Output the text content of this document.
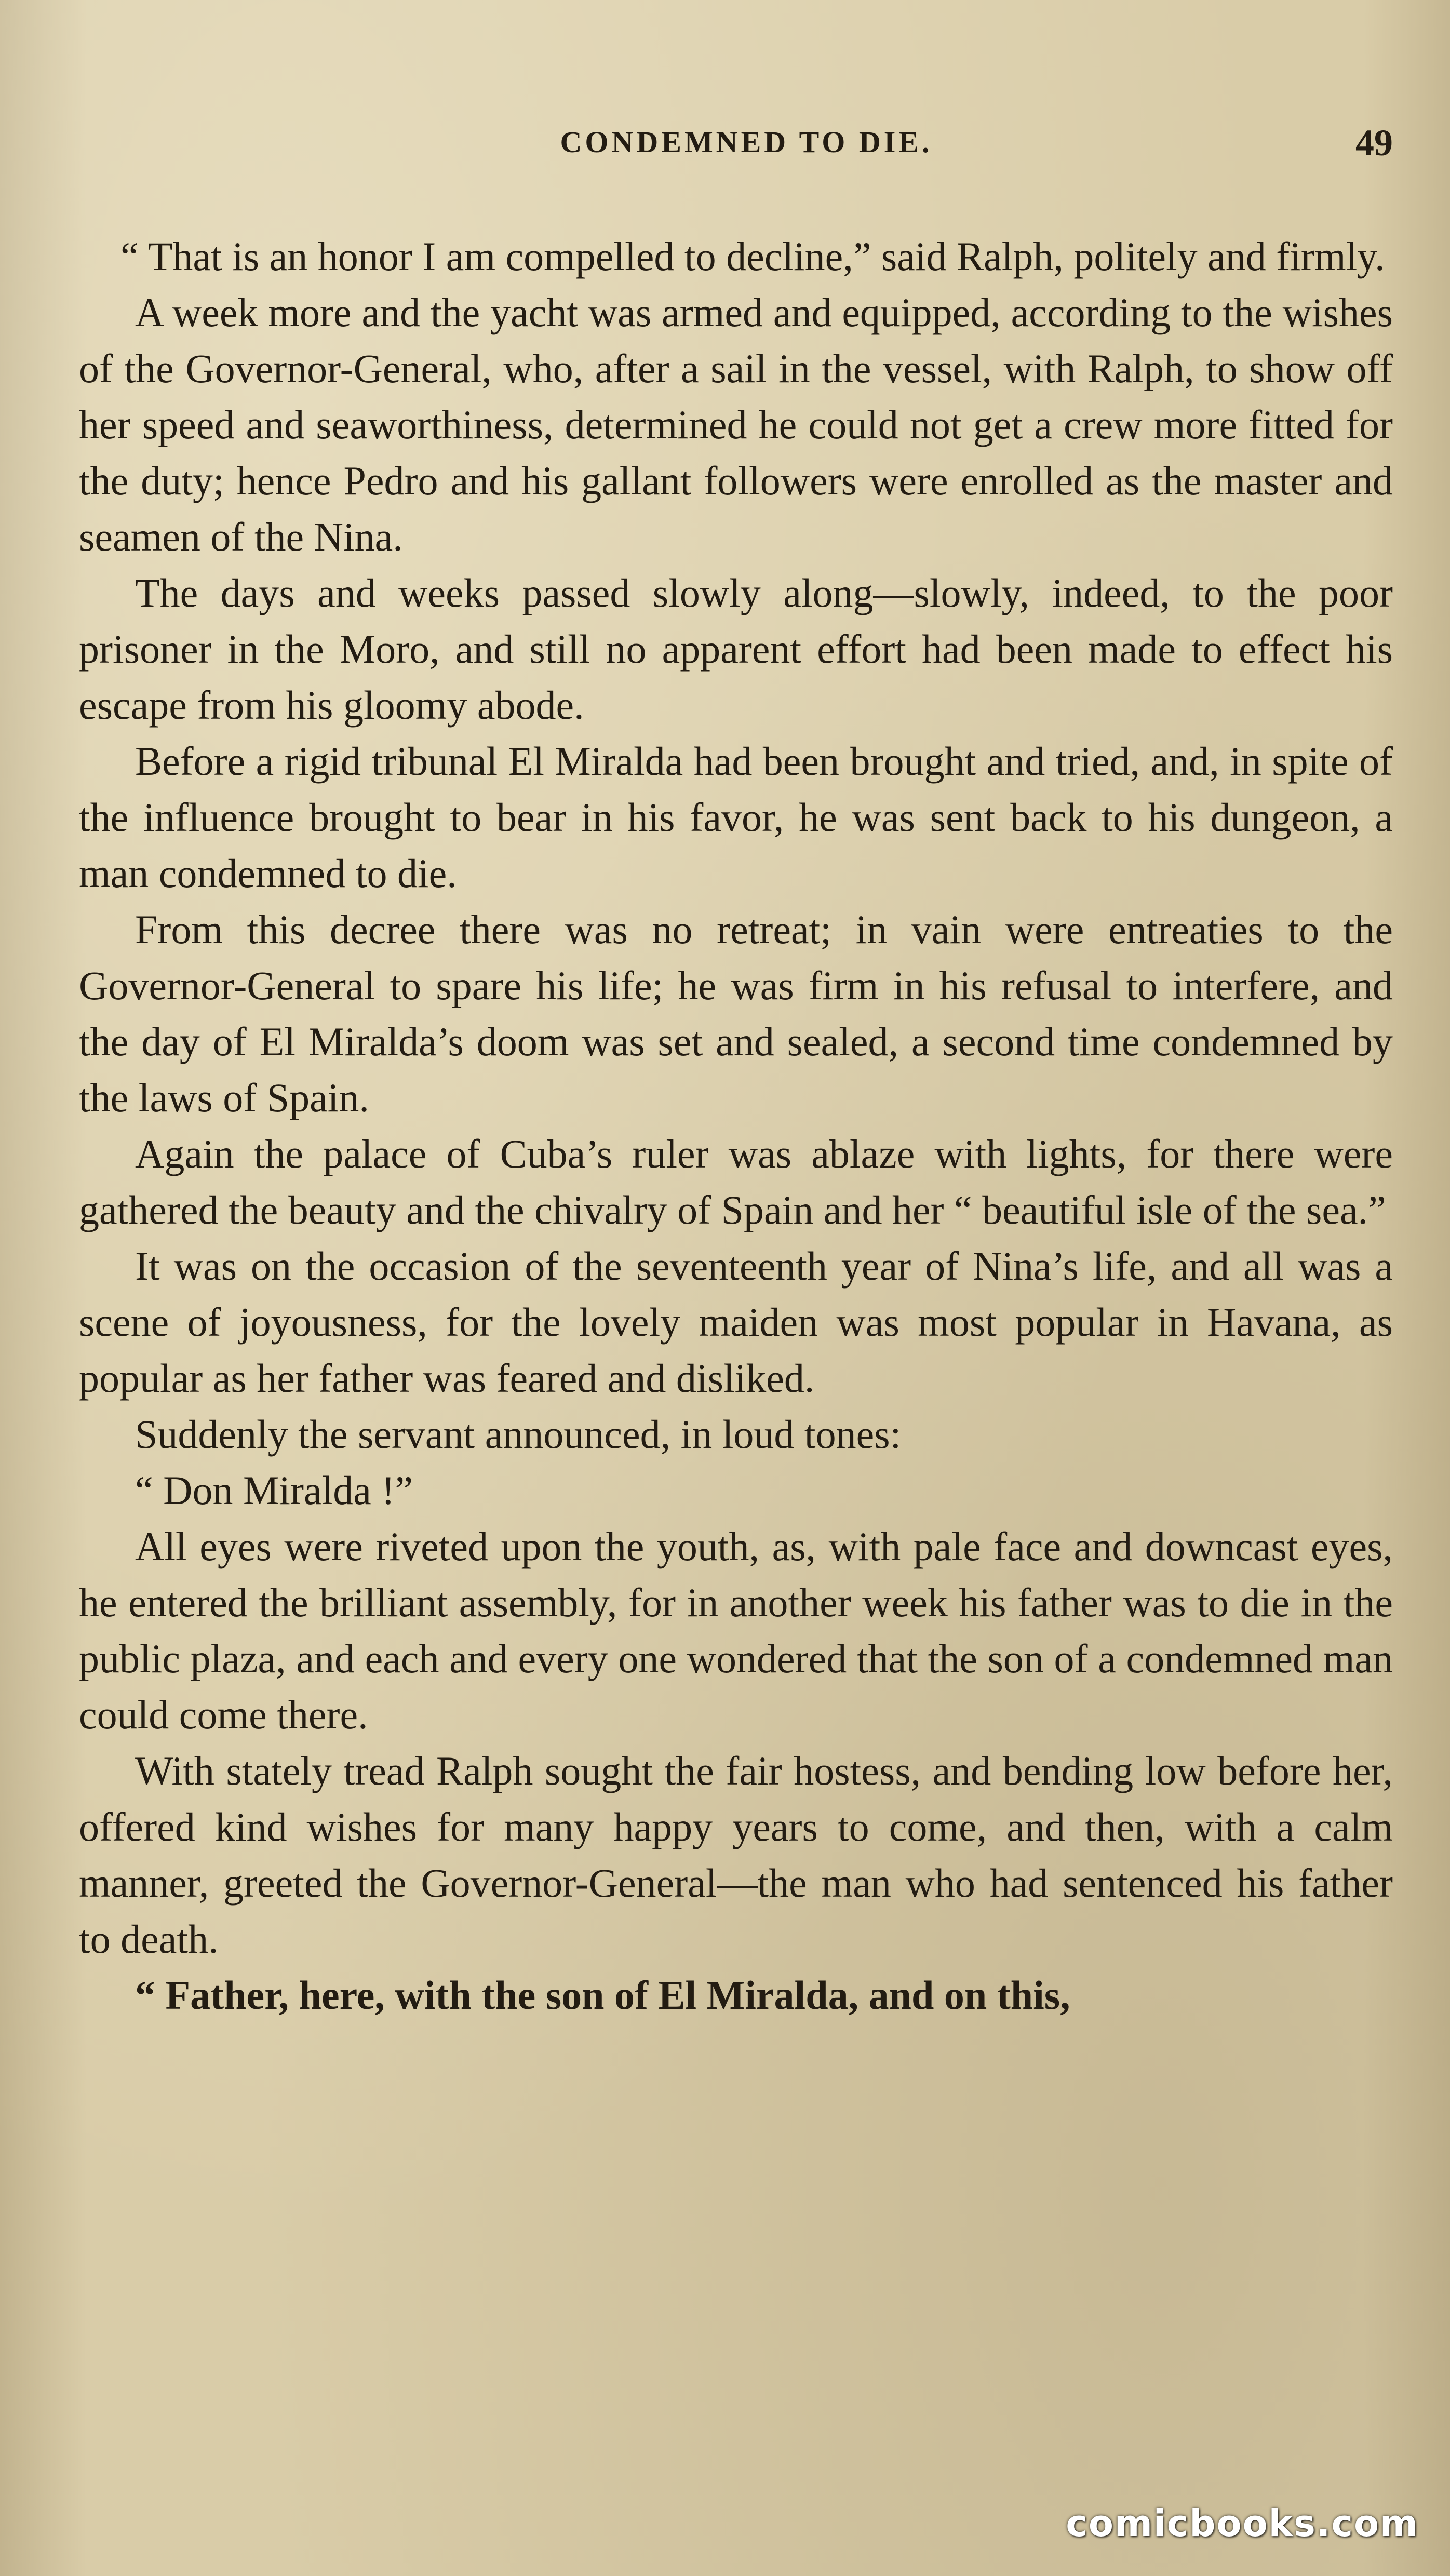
CONDEMNED TO DIE.	49

“ That is an honor I am compelled to decline,” said Ralph, politely and firmly.

A week more and the yacht was armed and equipped, according to the wishes of the Governor-General, who, after a sail in the vessel, with Ralph, to show off her speed and seaworthiness, determined he could not get a crew more fitted for the duty; hence Pedro and his gallant followers were enrolled as the master and seamen of the Nina.

The days and weeks passed slowly along—slowly, indeed, to the poor prisoner in the Moro, and still no apparent effort had been made to effect his escape from his gloomy abode.

Before a rigid tribunal El Miralda had been brought and tried, and, in spite of the influence brought to bear in his favor, he was sent back to his dungeon, a man condemned to die.

From this decree there was no retreat; in vain were entreaties to the Governor-General to spare his life; he was firm in his refusal to interfere, and the day of El Miralda’s doom was set and sealed, a second time condemned by the laws of Spain.

Again the palace of Cuba’s ruler was ablaze with lights, for there were gathered the beauty and the chivalry of Spain and her “ beautiful isle of the sea.”

It was on the occasion of the seventeenth year of Nina’s life, and all was a scene of joyousness, for the lovely maiden was most popular in Havana, as popular as her father was feared and disliked.

Suddenly the servant announced, in loud tones:

“ Don Miralda !”

All eyes were riveted upon the youth, as, with pale face and downcast eyes, he entered the brilliant assembly, for in another week his father was to die in the public plaza, and each and every one wondered that the son of a condemned man could come there.

With stately tread Ralph sought the fair hostess, and bending low before her, offered kind wishes for many happy years to come, and then, with a calm manner, greeted the Governor-General—the man who had sentenced his father to death.

“ Father, here, with the son of El Miralda, and on this,

comicbooks.com
